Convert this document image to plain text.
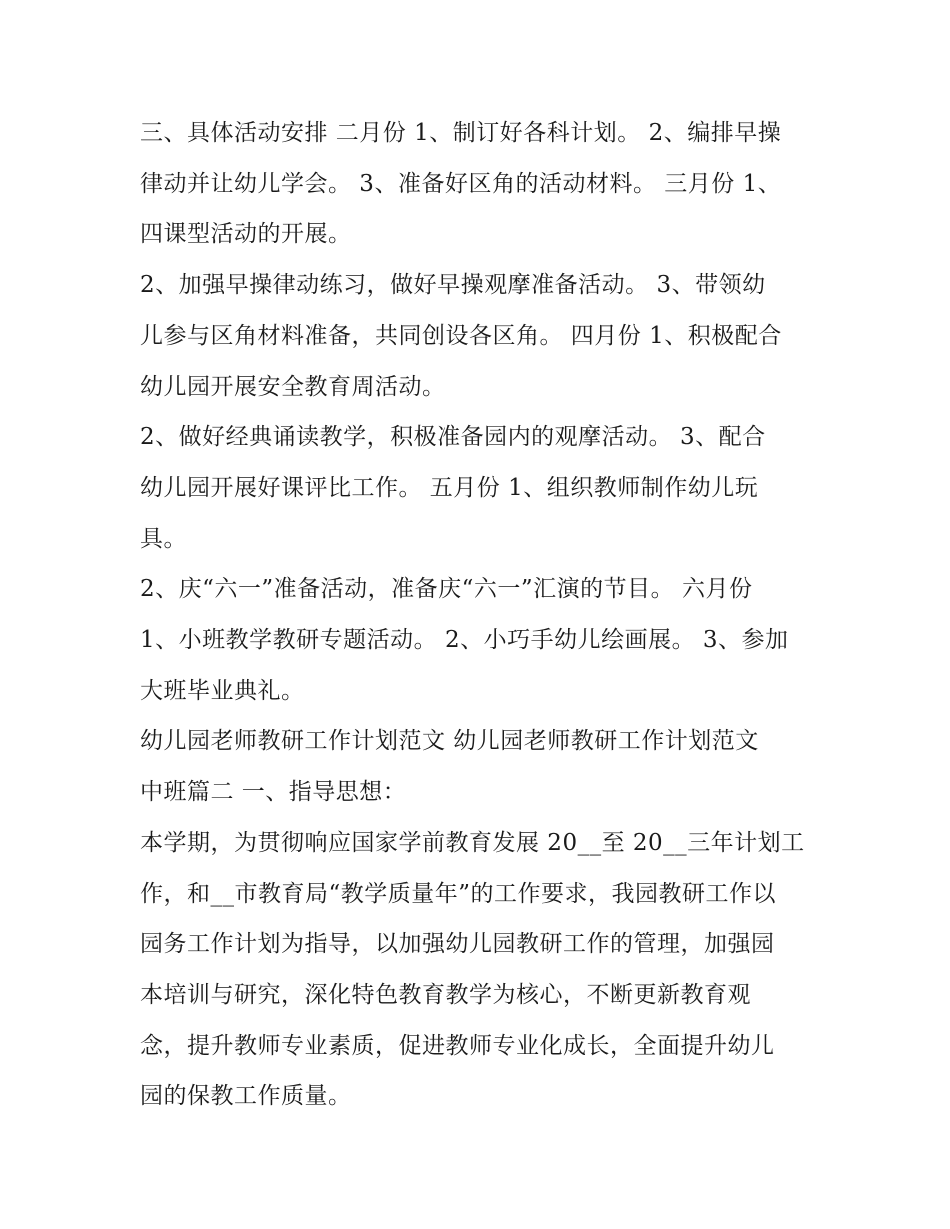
三、具体活动安排 二月份 1、制订好各科计划。 2、编排早操
律动并让幼儿学会。 3、准备好区角的活动材料。 三月份 1、
四课型活动的开展。

2、加强早操律动练习，做好早操观摩准备活动。 3、带领幼
儿参与区角材料准备，共同创设各区角。 四月份 1、积极配合
幼儿园开展安全教育周活动。

2、做好经典诵读教学，积极准备园内的观摩活动。 3、配合
幼儿园开展好课评比工作。 五月份 1、组织教师制作幼儿玩
具。

2、庆“六一”准备活动，准备庆“六一”汇演的节目。 六月份
1、小班教学教研专题活动。 2、小巧手幼儿绘画展。 3、参加
大班毕业典礼。

幼儿园老师教研工作计划范文 幼儿园老师教研工作计划范文
中班篇二 一、指导思想：

本学期，为贯彻响应国家学前教育发展 20__至 20__三年计划工
作，和__市教育局“教学质量年”的工作要求，我园教研工作以
园务工作计划为指导，以加强幼儿园教研工作的管理，加强园
本培训与研究，深化特色教育教学为核心，不断更新教育观
念，提升教师专业素质，促进教师专业化成长，全面提升幼儿
园的保教工作质量。
